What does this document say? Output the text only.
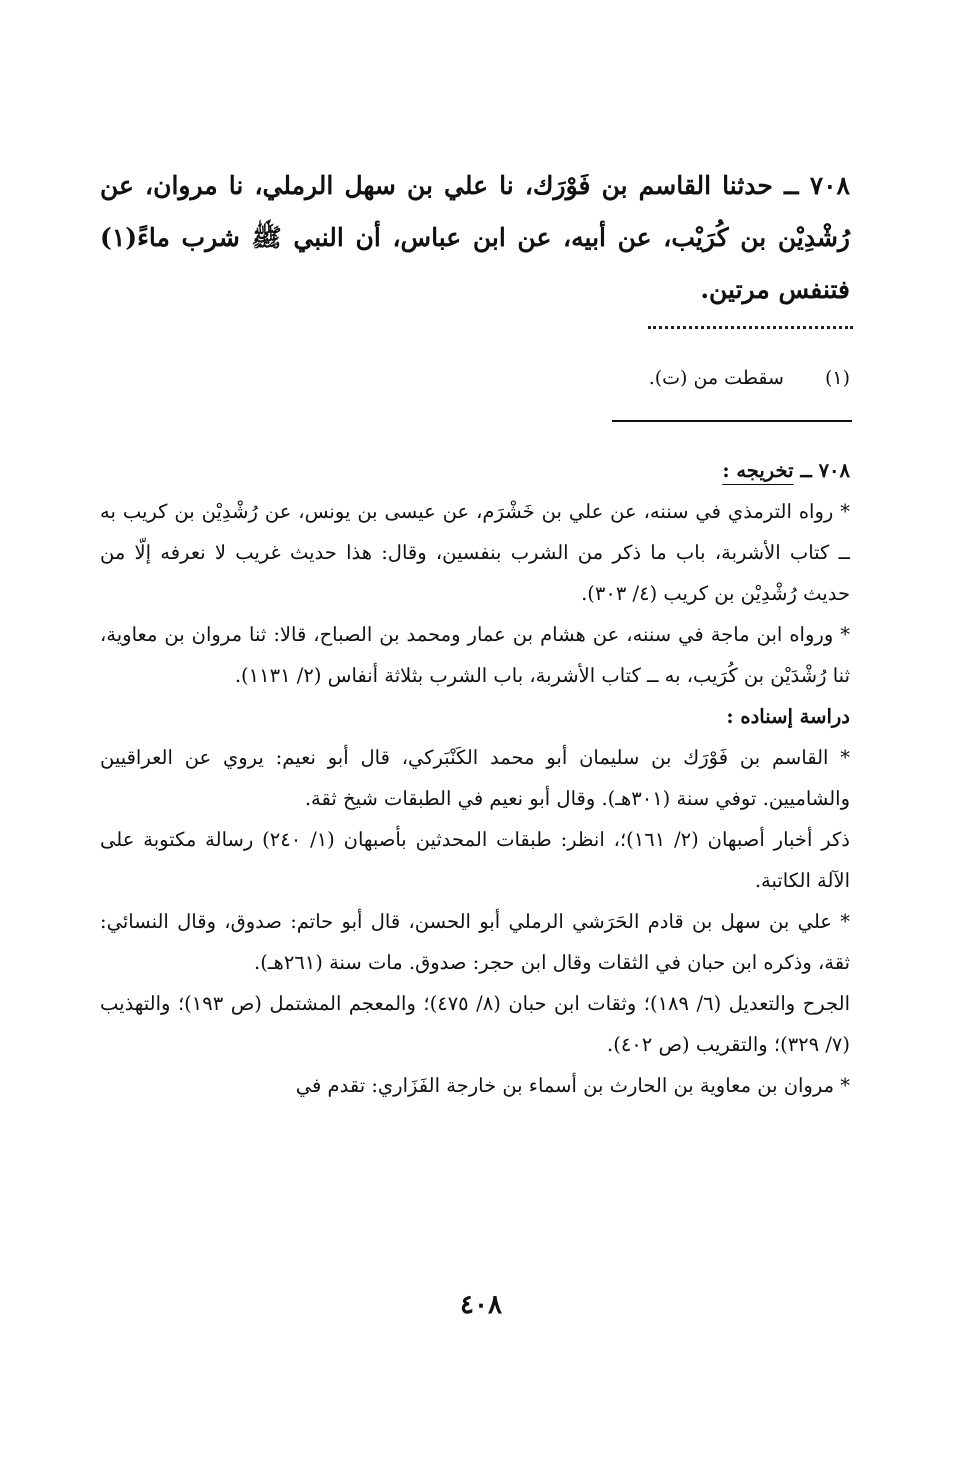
٧٠٨ ــ حدثنا القاسم بن فَوْرَك، نا علي بن سهل الرملي، نا مروان، عن رُشْدِيْن بن كُرَيْب، عن أبيه، عن ابن عباس، أن النبي ﷺ شرب ماءً(١) فتنفس مرتين.

(١) سقطت من (ت).

٧٠٨ ــ تخريجه :

* رواه الترمذي في سننه، عن علي بن خَشْرَم، عن عيسى بن يونس، عن رُشْدِيْن بن كريب به ــ كتاب الأشربة، باب ما ذكر من الشرب بنفسين، وقال: هذا حديث غريب لا نعرفه إلّا من حديث رُشْدِيْن بن كريب (٤/ ٣٠٣).

* ورواه ابن ماجة في سننه، عن هشام بن عمار ومحمد بن الصباح، قالا: ثنا مروان بن معاوية، ثنا رُشْدَيْن بن كُرَيب، به ــ كتاب الأشربة، باب الشرب بثلاثة أنفاس (٢/ ١١٣١).

دراسة إسناده :

* القاسم بن فَوْرَك بن سليمان أبو محمد الكَنْبَركي، قال أبو نعيم: يروي عن العراقيين والشاميين. توفي سنة (٣٠١هـ). وقال أبو نعيم في الطبقات شيخ ثقة.

ذكر أخبار أصبهان (٢/ ١٦١)؛، انظر: طبقات المحدثين بأصبهان (١/ ٢٤٠) رسالة مكتوبة على الآلة الكاتبة.

* علي بن سهل بن قادم الحَرَشي الرملي أبو الحسن، قال أبو حاتم: صدوق، وقال النسائي: ثقة، وذكره ابن حبان في الثقات وقال ابن حجر: صدوق. مات سنة (٢٦١هـ).

الجرح والتعديل (٦/ ١٨٩)؛ وثقات ابن حبان (٨/ ٤٧٥)؛ والمعجم المشتمل (ص ١٩٣)؛ والتهذيب (٧/ ٣٢٩)؛ والتقريب (ص ٤٠٢).

* مروان بن معاوية بن الحارث بن أسماء بن خارجة الفَزَاري: تقدم في

٤٠٨
